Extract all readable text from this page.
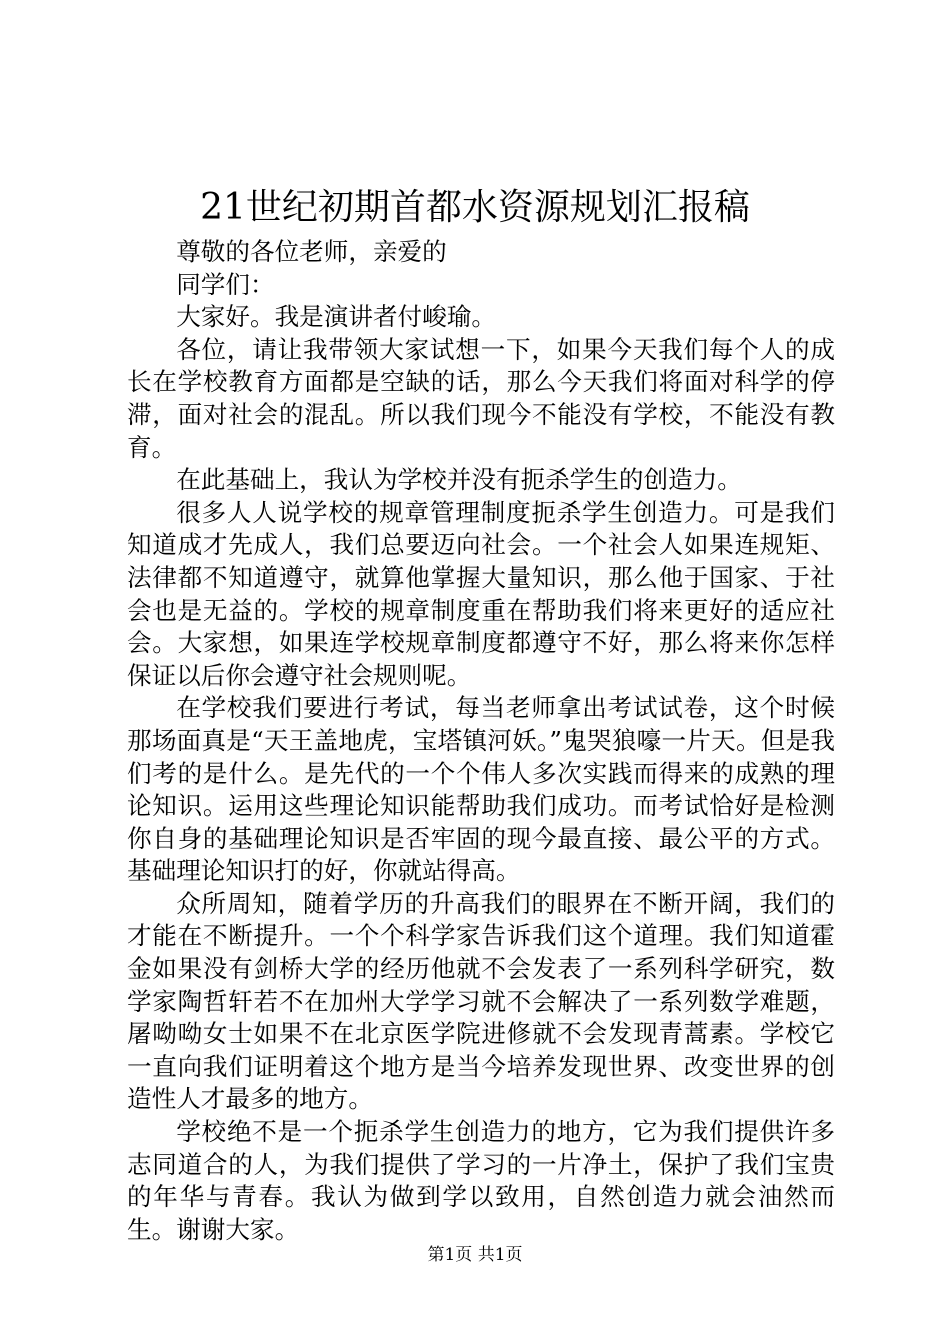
21世纪初期首都水资源规划汇报稿

尊敬的各位老师，亲爱的

同学们：

大家好。我是演讲者付峻瑜。

各位，请让我带领大家试想一下，如果今天我们每个人的成长在学校教育方面都是空缺的话，那么今天我们将面对科学的停滞，面对社会的混乱。所以我们现今不能没有学校，不能没有教育。

在此基础上，我认为学校并没有扼杀学生的创造力。

很多人人说学校的规章管理制度扼杀学生创造力。可是我们知道成才先成人，我们总要迈向社会。一个社会人如果连规矩、法律都不知道遵守，就算他掌握大量知识，那么他于国家、于社会也是无益的。学校的规章制度重在帮助我们将来更好的适应社会。大家想，如果连学校规章制度都遵守不好，那么将来你怎样保证以后你会遵守社会规则呢。

在学校我们要进行考试，每当老师拿出考试试卷，这个时候那场面真是“天王盖地虎，宝塔镇河妖。”鬼哭狼嚎一片天。但是我们考的是什么。是先代的一个个伟人多次实践而得来的成熟的理论知识。运用这些理论知识能帮助我们成功。而考试恰好是检测你自身的基础理论知识是否牢固的现今最直接、最公平的方式。基础理论知识打的好，你就站得高。

众所周知，随着学历的升高我们的眼界在不断开阔，我们的才能在不断提升。一个个科学家告诉我们这个道理。我们知道霍金如果没有剑桥大学的经历他就不会发表了一系列科学研究，数学家陶哲轩若不在加州大学学习就不会解决了一系列数学难题，屠呦呦女士如果不在北京医学院进修就不会发现青蒿素。学校它一直向我们证明着这个地方是当今培养发现世界、改变世界的创造性人才最多的地方。

学校绝不是一个扼杀学生创造力的地方，它为我们提供许多志同道合的人，为我们提供了学习的一片净土，保护了我们宝贵的年华与青春。我认为做到学以致用，自然创造力就会油然而生。谢谢大家。

第1页 共1页
